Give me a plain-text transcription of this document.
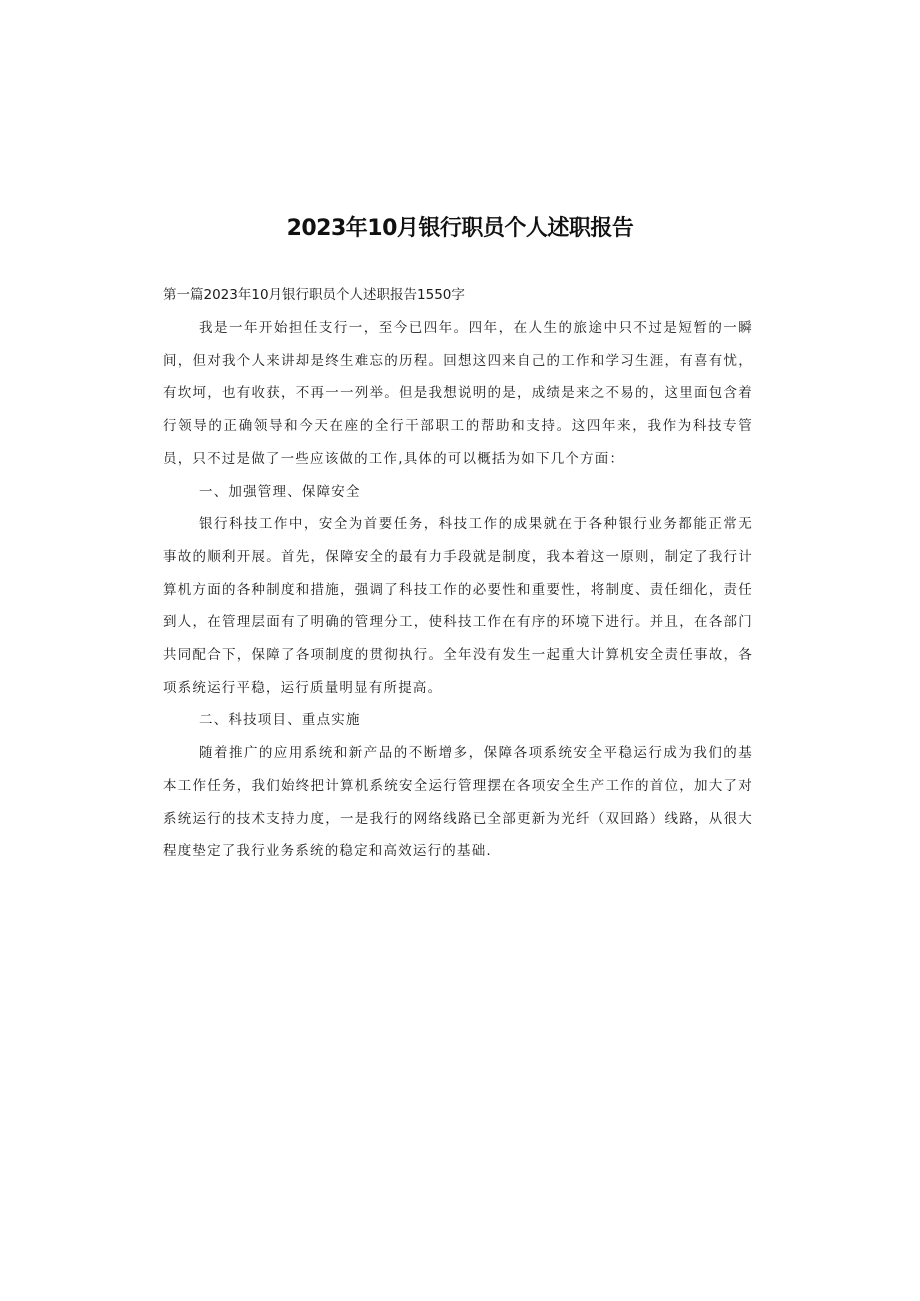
2023年10月银行职员个人述职报告

第一篇2023年10月银行职员个人述职报告1550字

我是一年开始担任支行一，至今已四年。四年，在人生的旅途中只不过是短暂的一瞬间，但对我个人来讲却是终生难忘的历程。回想这四来自己的工作和学习生涯，有喜有忧，有坎坷，也有收获，不再一一列举。但是我想说明的是，成绩是来之不易的，这里面包含着行领导的正确领导和今天在座的全行干部职工的帮助和支持。这四年来，我作为科技专管员，只不过是做了一些应该做的工作,具体的可以概括为如下几个方面：

一、加强管理、保障安全

银行科技工作中，安全为首要任务，科技工作的成果就在于各种银行业务都能正常无事故的顺利开展。首先，保障安全的最有力手段就是制度，我本着这一原则，制定了我行计算机方面的各种制度和措施，强调了科技工作的必要性和重要性，将制度、责任细化，责任到人，在管理层面有了明确的管理分工，使科技工作在有序的环境下进行。并且，在各部门共同配合下，保障了各项制度的贯彻执行。全年没有发生一起重大计算机安全责任事故，各项系统运行平稳，运行质量明显有所提高。

二、科技项目、重点实施

随着推广的应用系统和新产品的不断增多，保障各项系统安全平稳运行成为我们的基本工作任务，我们始终把计算机系统安全运行管理摆在各项安全生产工作的首位，加大了对系统运行的技术支持力度，一是我行的网络线路已全部更新为光纤（双回路）线路，从很大程度垫定了我行业务系统的稳定和高效运行的基础.
